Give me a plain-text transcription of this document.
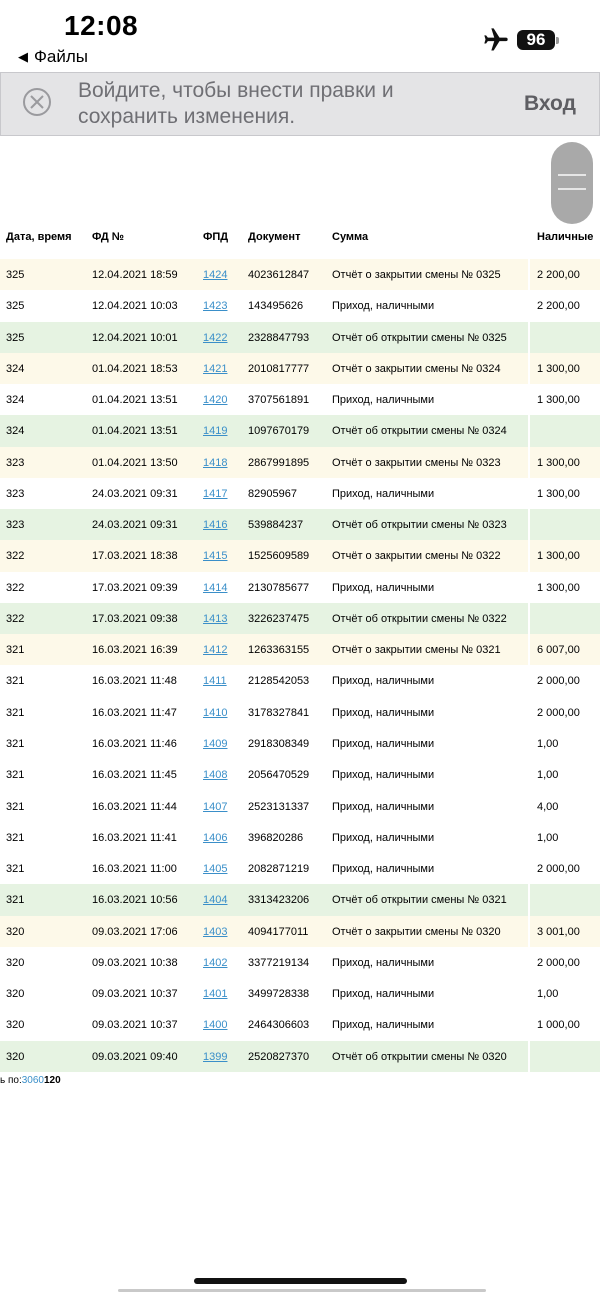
12:08
◀ Файлы
96
Войдите, чтобы внести правки и сохранить изменения.
Вход
Дата, время ФД №	ФПД Документ	Сумма	Наличные
325	12.04.2021 18:59 1424 4023612847 Отчёт о закрытии смены № 0325	2 200,00
325	12.04.2021 10:03 1423 143495626	Приход, наличными	2 200,00
325	12.04.2021 10:01 1422 2328847793 Отчёт об открытии смены № 0325
324	01.04.2021 18:53 1421 2010817777 Отчёт о закрытии смены № 0324	1 300,00
324	01.04.2021 13:51 1420 3707561891 Приход, наличными	1 300,00
324	01.04.2021 13:51 1419 1097670179 Отчёт об открытии смены № 0324
323	01.04.2021 13:50 1418 2867991895 Отчёт о закрытии смены № 0323	1 300,00
323	24.03.2021 09:31 1417 82905967	Приход, наличными	1 300,00
323	24.03.2021 09:31 1416 539884237	Отчёт об открытии смены № 0323
322	17.03.2021 18:38 1415 1525609589 Отчёт о закрытии смены № 0322	1 300,00
322	17.03.2021 09:39 1414 2130785677 Приход, наличными	1 300,00
322	17.03.2021 09:38 1413 3226237475 Отчёт об открытии смены № 0322
321	16.03.2021 16:39 1412 1263363155 Отчёт о закрытии смены № 0321	6 007,00
321	16.03.2021 11:48 1411 2128542053 Приход, наличными	2 000,00
321	16.03.2021 11:47 1410 3178327841 Приход, наличными	2 000,00
321	16.03.2021 11:46 1409 2918308349 Приход, наличными	1,00
321	16.03.2021 11:45 1408 2056470529 Приход, наличными	1,00
321	16.03.2021 11:44 1407 2523131337 Приход, наличными	4,00
321	16.03.2021 11:41 1406 396820286	Приход, наличными	1,00
321	16.03.2021 11:00 1405 2082871219 Приход, наличными	2 000,00
321	16.03.2021 10:56 1404 3313423206 Отчёт об открытии смены № 0321
320	09.03.2021 17:06 1403 4094177011 Отчёт о закрытии смены № 0320	3 001,00
320	09.03.2021 10:38 1402 3377219134 Приход, наличными	2 000,00
320	09.03.2021 10:37 1401 3499728338 Приход, наличными	1,00
320	09.03.2021 10:37 1400 2464306603 Приход, наличными	1 000,00
320	09.03.2021 09:40 1399 2520827370 Отчёт об открытии смены № 0320
ь по:3060120
